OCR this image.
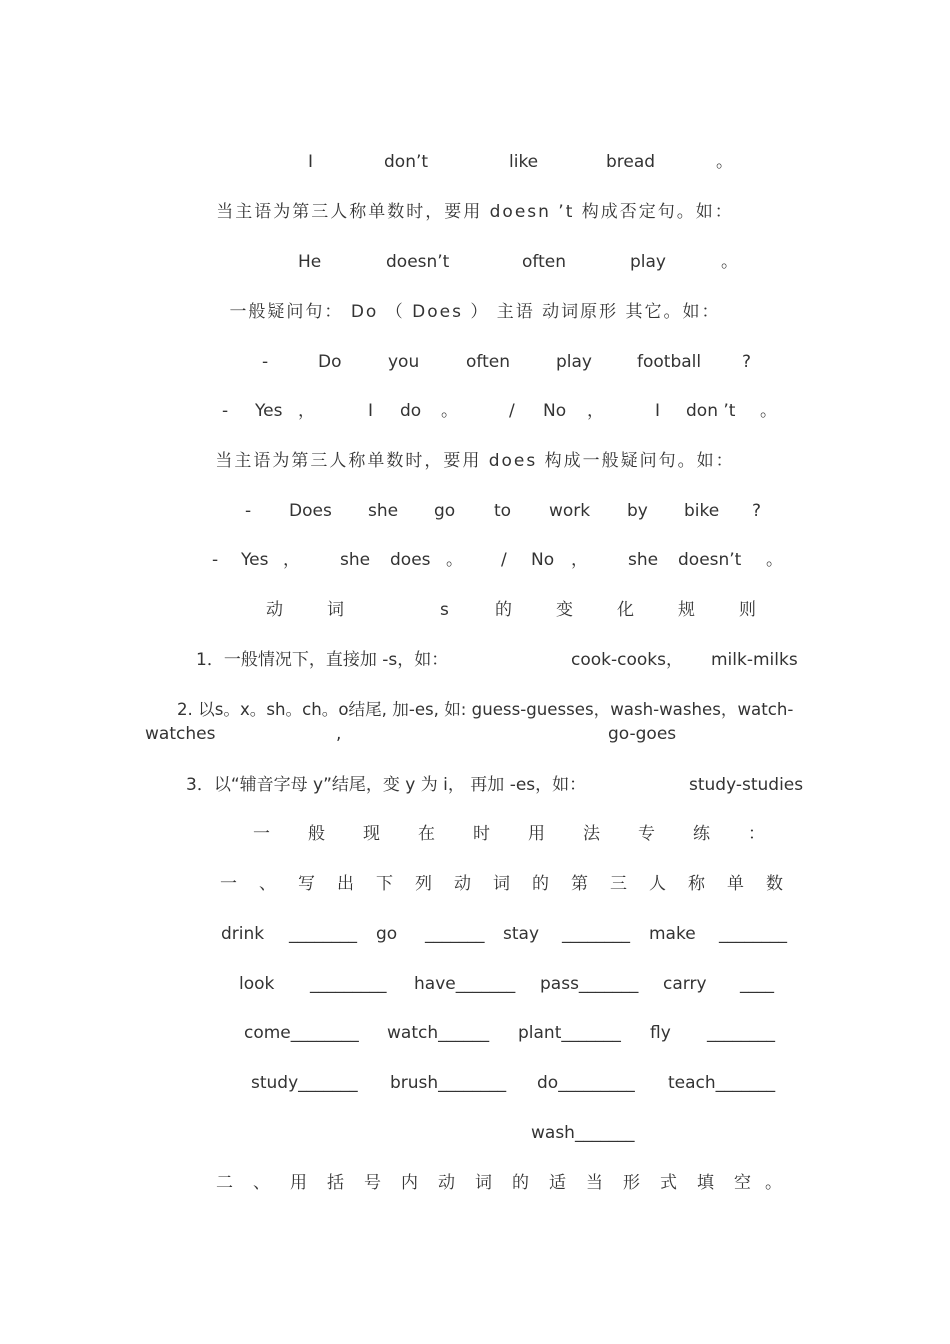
I	don’t	like	bread	。
当主语为第三人称单数时，要用 doesn ’t 构成否定句。如：
He	doesn’t	often	play	。
一般疑问句： Do （ Does ） 主语 动词原形 其它。如：
-	Do	you	often	play	football ?
- Yes ，	I do 。	/ No ，	I don ’t 。
当主语为第三人称单数时，要用 does 构成一般疑问句。如：
- Does she go to work by bike ?
- Yes ， she does 。 / No ， she doesn’t 。
动	词	s	的	变	化	规	则
1．一般情况下，直接加 -s，如：	cook-cooks， milk-milks
3．以“辅音字母 y”结尾，变 y 为 i， 再加 -es，如：	study-studies
一 般 现 在 时 用 法 专 练 ：
一 、 写 出 下 列 动 词 的 第 三 人 称 单 数
drink ________ go _______ stay ________ make ________
look _________ have_______ pass_______ carry ____
come________ watch______ plant_______ fly ________
study_______ brush________ do_________ teach_______
wash_______
二 、 用 括 号 内 动 词 的 适 当 形 式 填 空 。
2. 以s。x。sh。ch。o结尾, 加-es, 如: guess-guesses，wash-washes，watch-
watches	,	go-goes
